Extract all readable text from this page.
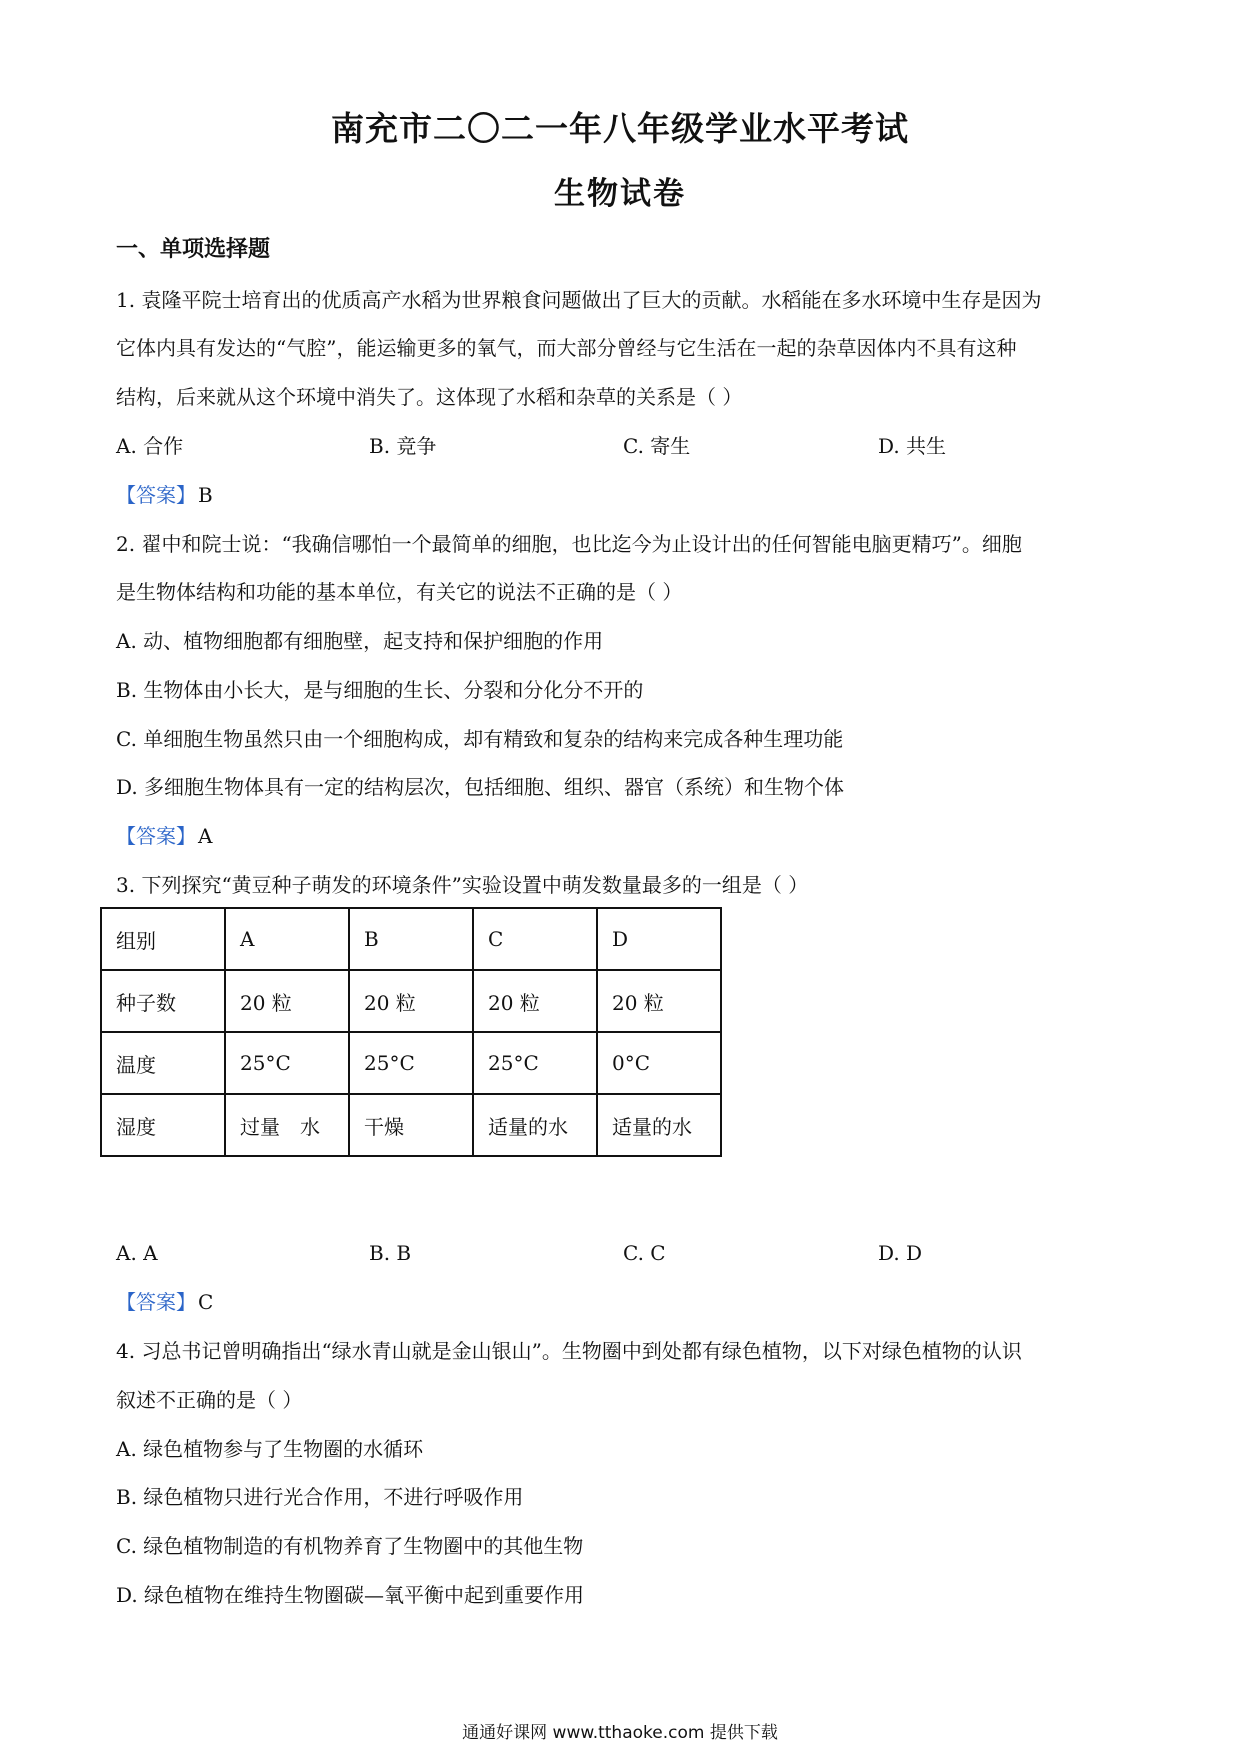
南充市二〇二一年八年级学业水平考试
生物试卷
一、单项选择题
1. 袁隆平院士培育出的优质高产水稻为世界粮食问题做出了巨大的贡献。水稻能在多水环境中生存是因为
它体内具有发达的“气腔”，能运输更多的氧气，而大部分曾经与它生活在一起的杂草因体内不具有这种
结构，后来就从这个环境中消失了。这体现了水稻和杂草的关系是（ ）
A. 合作	B. 竞争	C. 寄生	D. 共生
【答案】 B
2. 翟中和院士说：“我确信哪怕一个最简单的细胞，也比迄今为止设计出的任何智能电脑更精巧”。细胞
是生物体结构和功能的基本单位，有关它的说法不正确的是（ ）
A. 动、植物细胞都有细胞壁，起支持和保护细胞的作用
B. 生物体由小长大，是与细胞的生长、分裂和分化分不开的
C. 单细胞生物虽然只由一个细胞构成，却有精致和复杂的结构来完成各种生理功能
D. 多细胞生物体具有一定的结构层次，包括细胞、组织、器官（系统）和生物个体
【答案】 A
3. 下列探究“黄豆种子萌发的环境条件”实验设置中萌发数量最多的一组是（ ）
组别	A	B	C	D
种子数	20 粒	20 粒	20 粒	20 粒
温度	25°C	25°C	25°C	0°C
湿度	过量　水	干燥	适量的水	适量的水
A. A	B. B	C. C	D. D
【答案】 C
4. 习总书记曾明确指出“绿水青山就是金山银山”。生物圈中到处都有绿色植物，以下对绿色植物的认识
叙述不正确的是（ ）
A. 绿色植物参与了生物圈的水循环
B. 绿色植物只进行光合作用，不进行呼吸作用
C. 绿色植物制造的有机物养育了生物圈中的其他生物
D. 绿色植物在维持生物圈碳—氧平衡中起到重要作用
通通好课网 www.tthaoke.com 提供下载
